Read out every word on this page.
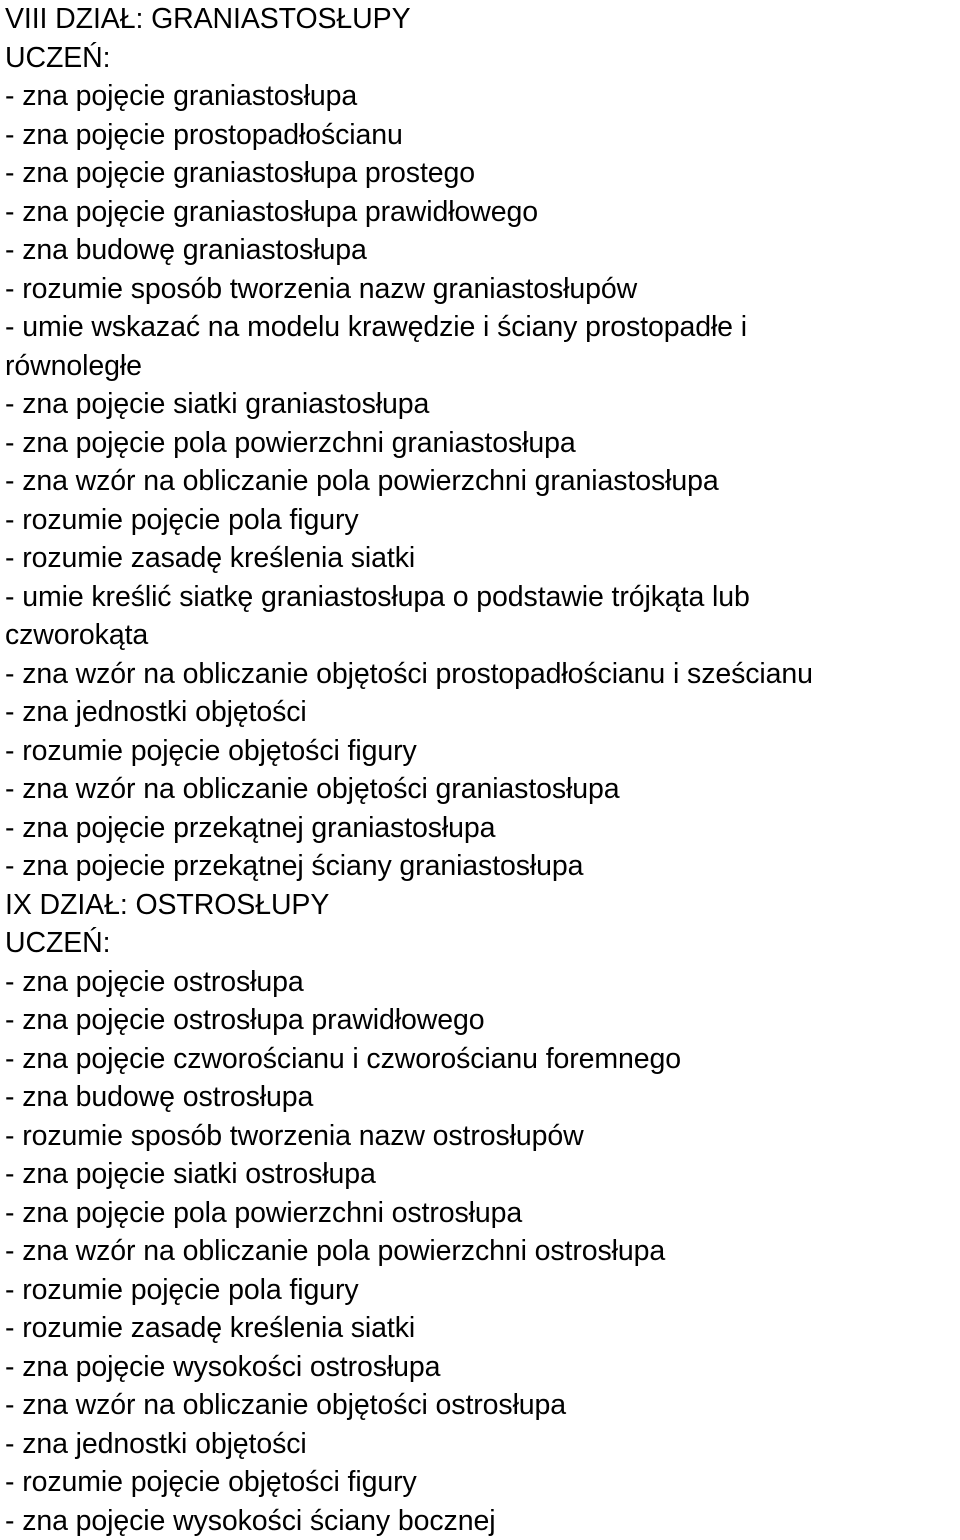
VIII DZIAŁ: GRANIASTOSŁUPY
UCZEŃ:
- zna pojęcie graniastosłupa
- zna pojęcie prostopadłościanu
- zna pojęcie graniastosłupa prostego
- zna pojęcie graniastosłupa prawidłowego
- zna budowę graniastosłupa
- rozumie sposób tworzenia nazw graniastosłupów
- umie wskazać na modelu krawędzie i ściany prostopadłe i
równoległe
- zna pojęcie siatki graniastosłupa
- zna pojęcie pola powierzchni graniastosłupa
- zna wzór na obliczanie pola powierzchni graniastosłupa
- rozumie pojęcie pola figury
- rozumie zasadę kreślenia siatki
- umie kreślić siatkę graniastosłupa o podstawie trójkąta lub
czworokąta
- zna wzór na obliczanie objętości prostopadłościanu i sześcianu
- zna jednostki objętości
- rozumie pojęcie objętości figury
- zna wzór na obliczanie objętości graniastosłupa
- zna pojęcie przekątnej graniastosłupa
- zna pojecie przekątnej ściany graniastosłupa
IX DZIAŁ: OSTROSŁUPY
UCZEŃ:
- zna pojęcie ostrosłupa
- zna pojęcie ostrosłupa prawidłowego
- zna pojęcie czworościanu i czworościanu foremnego
- zna budowę ostrosłupa
- rozumie sposób tworzenia nazw ostrosłupów
- zna pojęcie siatki ostrosłupa
- zna pojęcie pola powierzchni ostrosłupa
- zna wzór na obliczanie pola powierzchni ostrosłupa
- rozumie pojęcie pola figury
- rozumie zasadę kreślenia siatki
- zna pojęcie wysokości ostrosłupa
- zna wzór na obliczanie objętości ostrosłupa
- zna jednostki objętości
- rozumie pojęcie objętości figury
- zna pojęcie wysokości ściany bocznej
